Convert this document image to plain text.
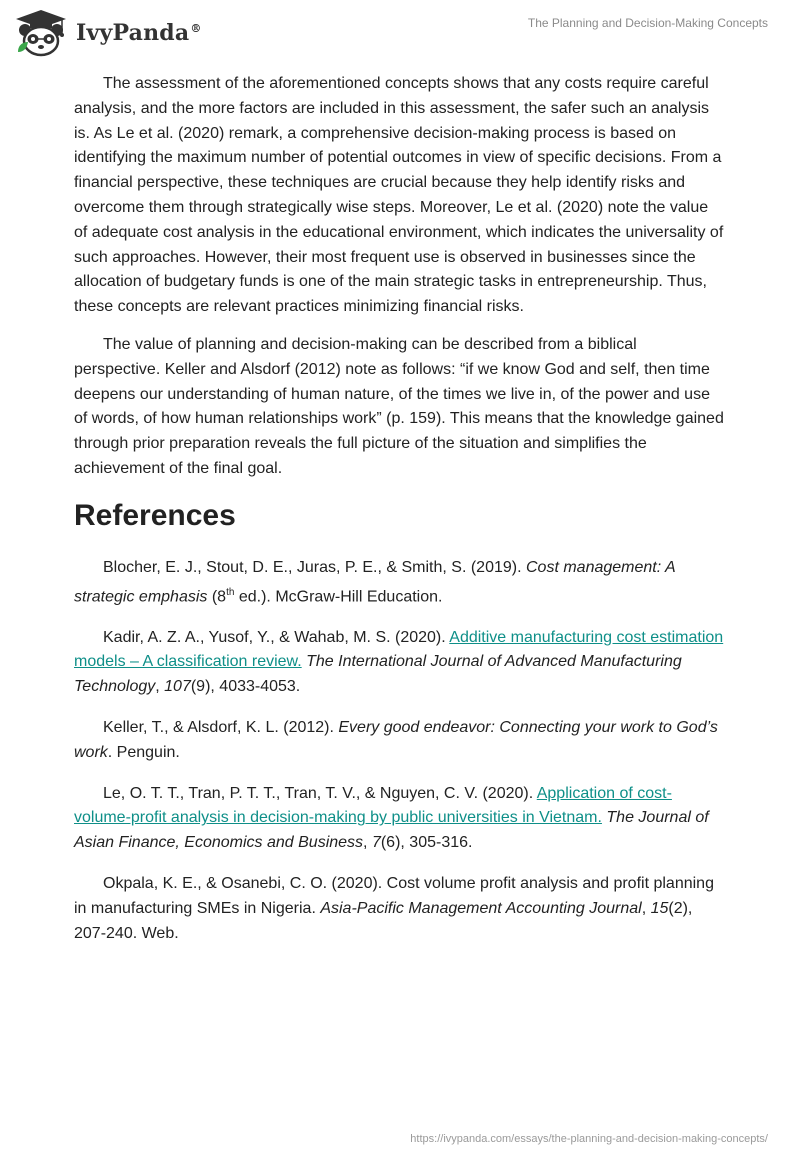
IvyPanda®	The Planning and Decision-Making Concepts

The assessment of the aforementioned concepts shows that any costs require careful analysis, and the more factors are included in this assessment, the safer such an analysis is. As Le et al. (2020) remark, a comprehensive decision-making process is based on identifying the maximum number of potential outcomes in view of specific decisions. From a financial perspective, these techniques are crucial because they help identify risks and overcome them through strategically wise steps. Moreover, Le et al. (2020) note the value of adequate cost analysis in the educational environment, which indicates the universality of such approaches. However, their most frequent use is observed in businesses since the allocation of budgetary funds is one of the main strategic tasks in entrepreneurship. Thus, these concepts are relevant practices minimizing financial risks.

The value of planning and decision-making can be described from a biblical perspective. Keller and Alsdorf (2012) note as follows: “if we know God and self, then time deepens our understanding of human nature, of the times we live in, of the power and use of words, of how human relationships work” (p. 159). This means that the knowledge gained through prior preparation reveals the full picture of the situation and simplifies the achievement of the final goal.

References

Blocher, E. J., Stout, D. E., Juras, P. E., & Smith, S. (2019). Cost management: A strategic emphasis (8th ed.). McGraw-Hill Education.

Kadir, A. Z. A., Yusof, Y., & Wahab, M. S. (2020). Additive manufacturing cost estimation models – A classification review. The International Journal of Advanced Manufacturing Technology, 107(9), 4033-4053.

Keller, T., & Alsdorf, K. L. (2012). Every good endeavor: Connecting your work to God’s work. Penguin.

Le, O. T. T., Tran, P. T. T., Tran, T. V., & Nguyen, C. V. (2020). Application of cost-volume-profit analysis in decision-making by public universities in Vietnam. The Journal of Asian Finance, Economics and Business, 7(6), 305-316.

Okpala, K. E., & Osanebi, C. O. (2020). Cost volume profit analysis and profit planning in manufacturing SMEs in Nigeria. Asia-Pacific Management Accounting Journal, 15(2), 207-240. Web.

https://ivypanda.com/essays/the-planning-and-decision-making-concepts/
